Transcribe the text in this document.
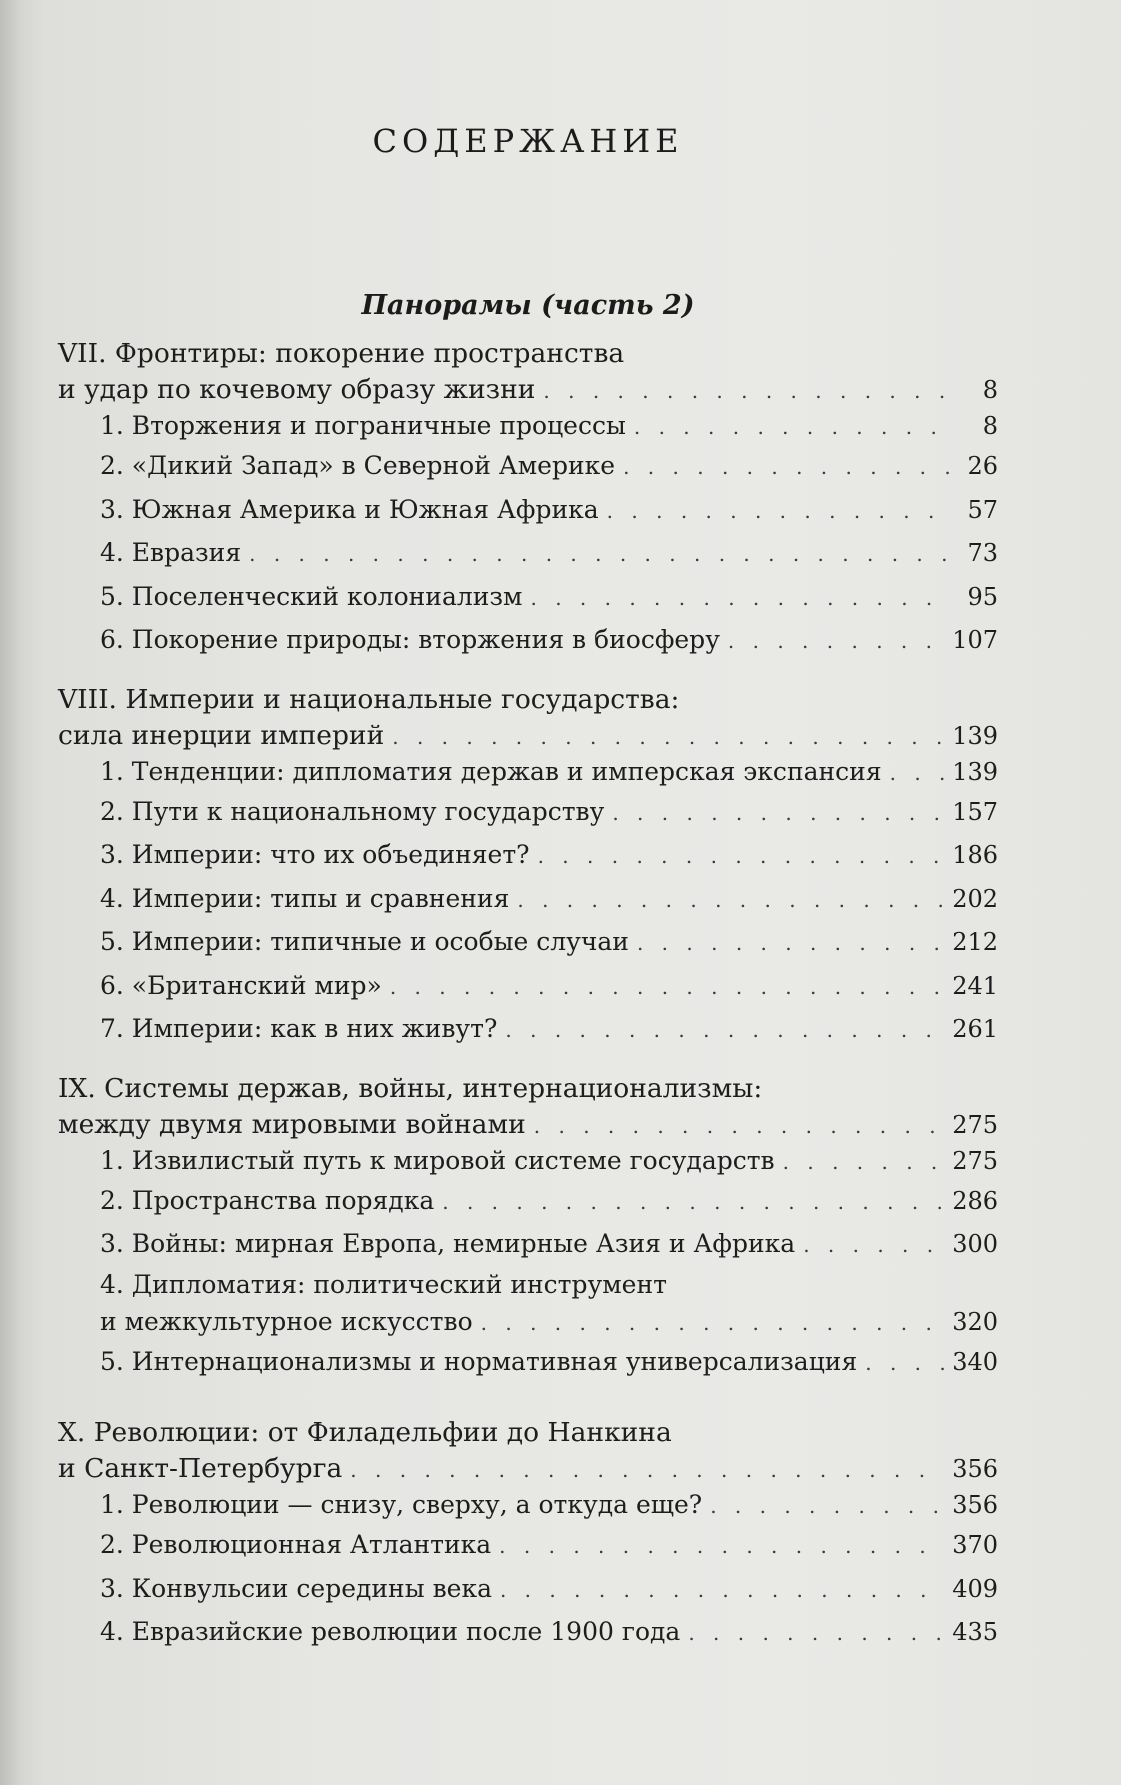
СОДЕРЖАНИЕ
Панорамы (часть 2)
VII. Фронтиры: покорение пространства
и удар по кочевому образу жизни . . .	8
1. Вторжения и пограничные процессы . . .	8
2. «Дикий Запад» в Северной Америке . . .	26
3. Южная Америка и Южная Африка . . .	57
4. Евразия . . .	73
5. Поселенческий колониализм . . .	95
6. Покорение природы: вторжения в биосферу . . .	107
VIII. Империи и национальные государства:
сила инерции империй . . .	139
1. Тенденции: дипломатия держав и имперская экспансия . . .	139
2. Пути к национальному государству . . .	157
3. Империи: что их объединяет? . . .	186
4. Империи: типы и сравнения . . .	202
5. Империи: типичные и особые случаи . . .	212
6. «Британский мир» . . .	241
7. Империи: как в них живут? . . .	261
IX. Системы держав, войны, интернационализмы:
между двумя мировыми войнами . . .	275
1. Извилистый путь к мировой системе государств . . .	275
2. Пространства порядка . . .	286
3. Войны: мирная Европа, немирные Азия и Африка . . .	300
4. Дипломатия: политический инструмент
и межкультурное искусство . . .	320
5. Интернационализмы и нормативная универсализация . . .	340
X. Революции: от Филадельфии до Нанкина
и Санкт-Петербурга . . .	356
1. Революции — снизу, сверху, а откуда еще? . . .	356
2. Революционная Атлантика . . .	370
3. Конвульсии середины века . . .	409
4. Евразийские революции после 1900 года . . .	435
